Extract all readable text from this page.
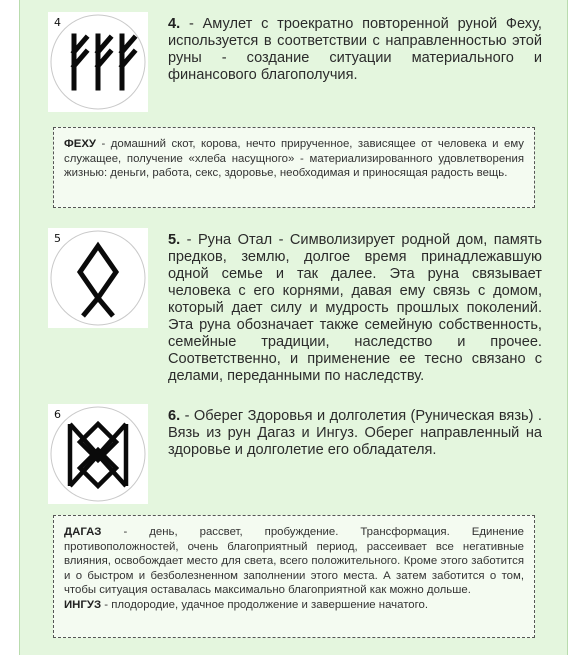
4	4. - Амулет с троекратно повторенной руной Феху, используется в соответствии с направленностью этой руны - создание ситуации материального и финансового благополучия.
ФЕХУ - домашний скот, корова, нечто прирученное, зависящее от человека и ему служащее, получение «хлеба насущного» - материализированного удовлетворения жизнью: деньги, работа, секс, здоровье, необходимая и приносящая радость вещь.
5	5. - Руна Отал - Символизирует родной дом, память предков, землю, долгое время принадлежавшую одной семье и так далее. Эта руна связывает человека с его корнями, давая ему связь с домом, который дает силу и мудрость прошлых поколений. Эта руна обозначает также семейную собственность, семейные традиции, наследство и прочее. Соответственно, и применение ее тесно связано с делами, переданными по наследству.
6	6. - Оберег Здоровья и долголетия (Руническая вязь) . Вязь из рун Дагаз и Ингуз. Оберег направленный на здоровье и долголетие его обладателя.
ДАГАЗ - день, рассвет, пробуждение. Трансформация. Единение противоположностей, очень благоприятный период, рассеивает все негативные влияния, освобождает место для света, всего положительного. Кроме этого заботится и о быстром и безболезненном заполнении этого места. А затем заботится о том, чтобы ситуация оставалась максимально благоприятной как можно дольше.
ИНГУЗ - плодородие, удачное продолжение и завершение начатого.
